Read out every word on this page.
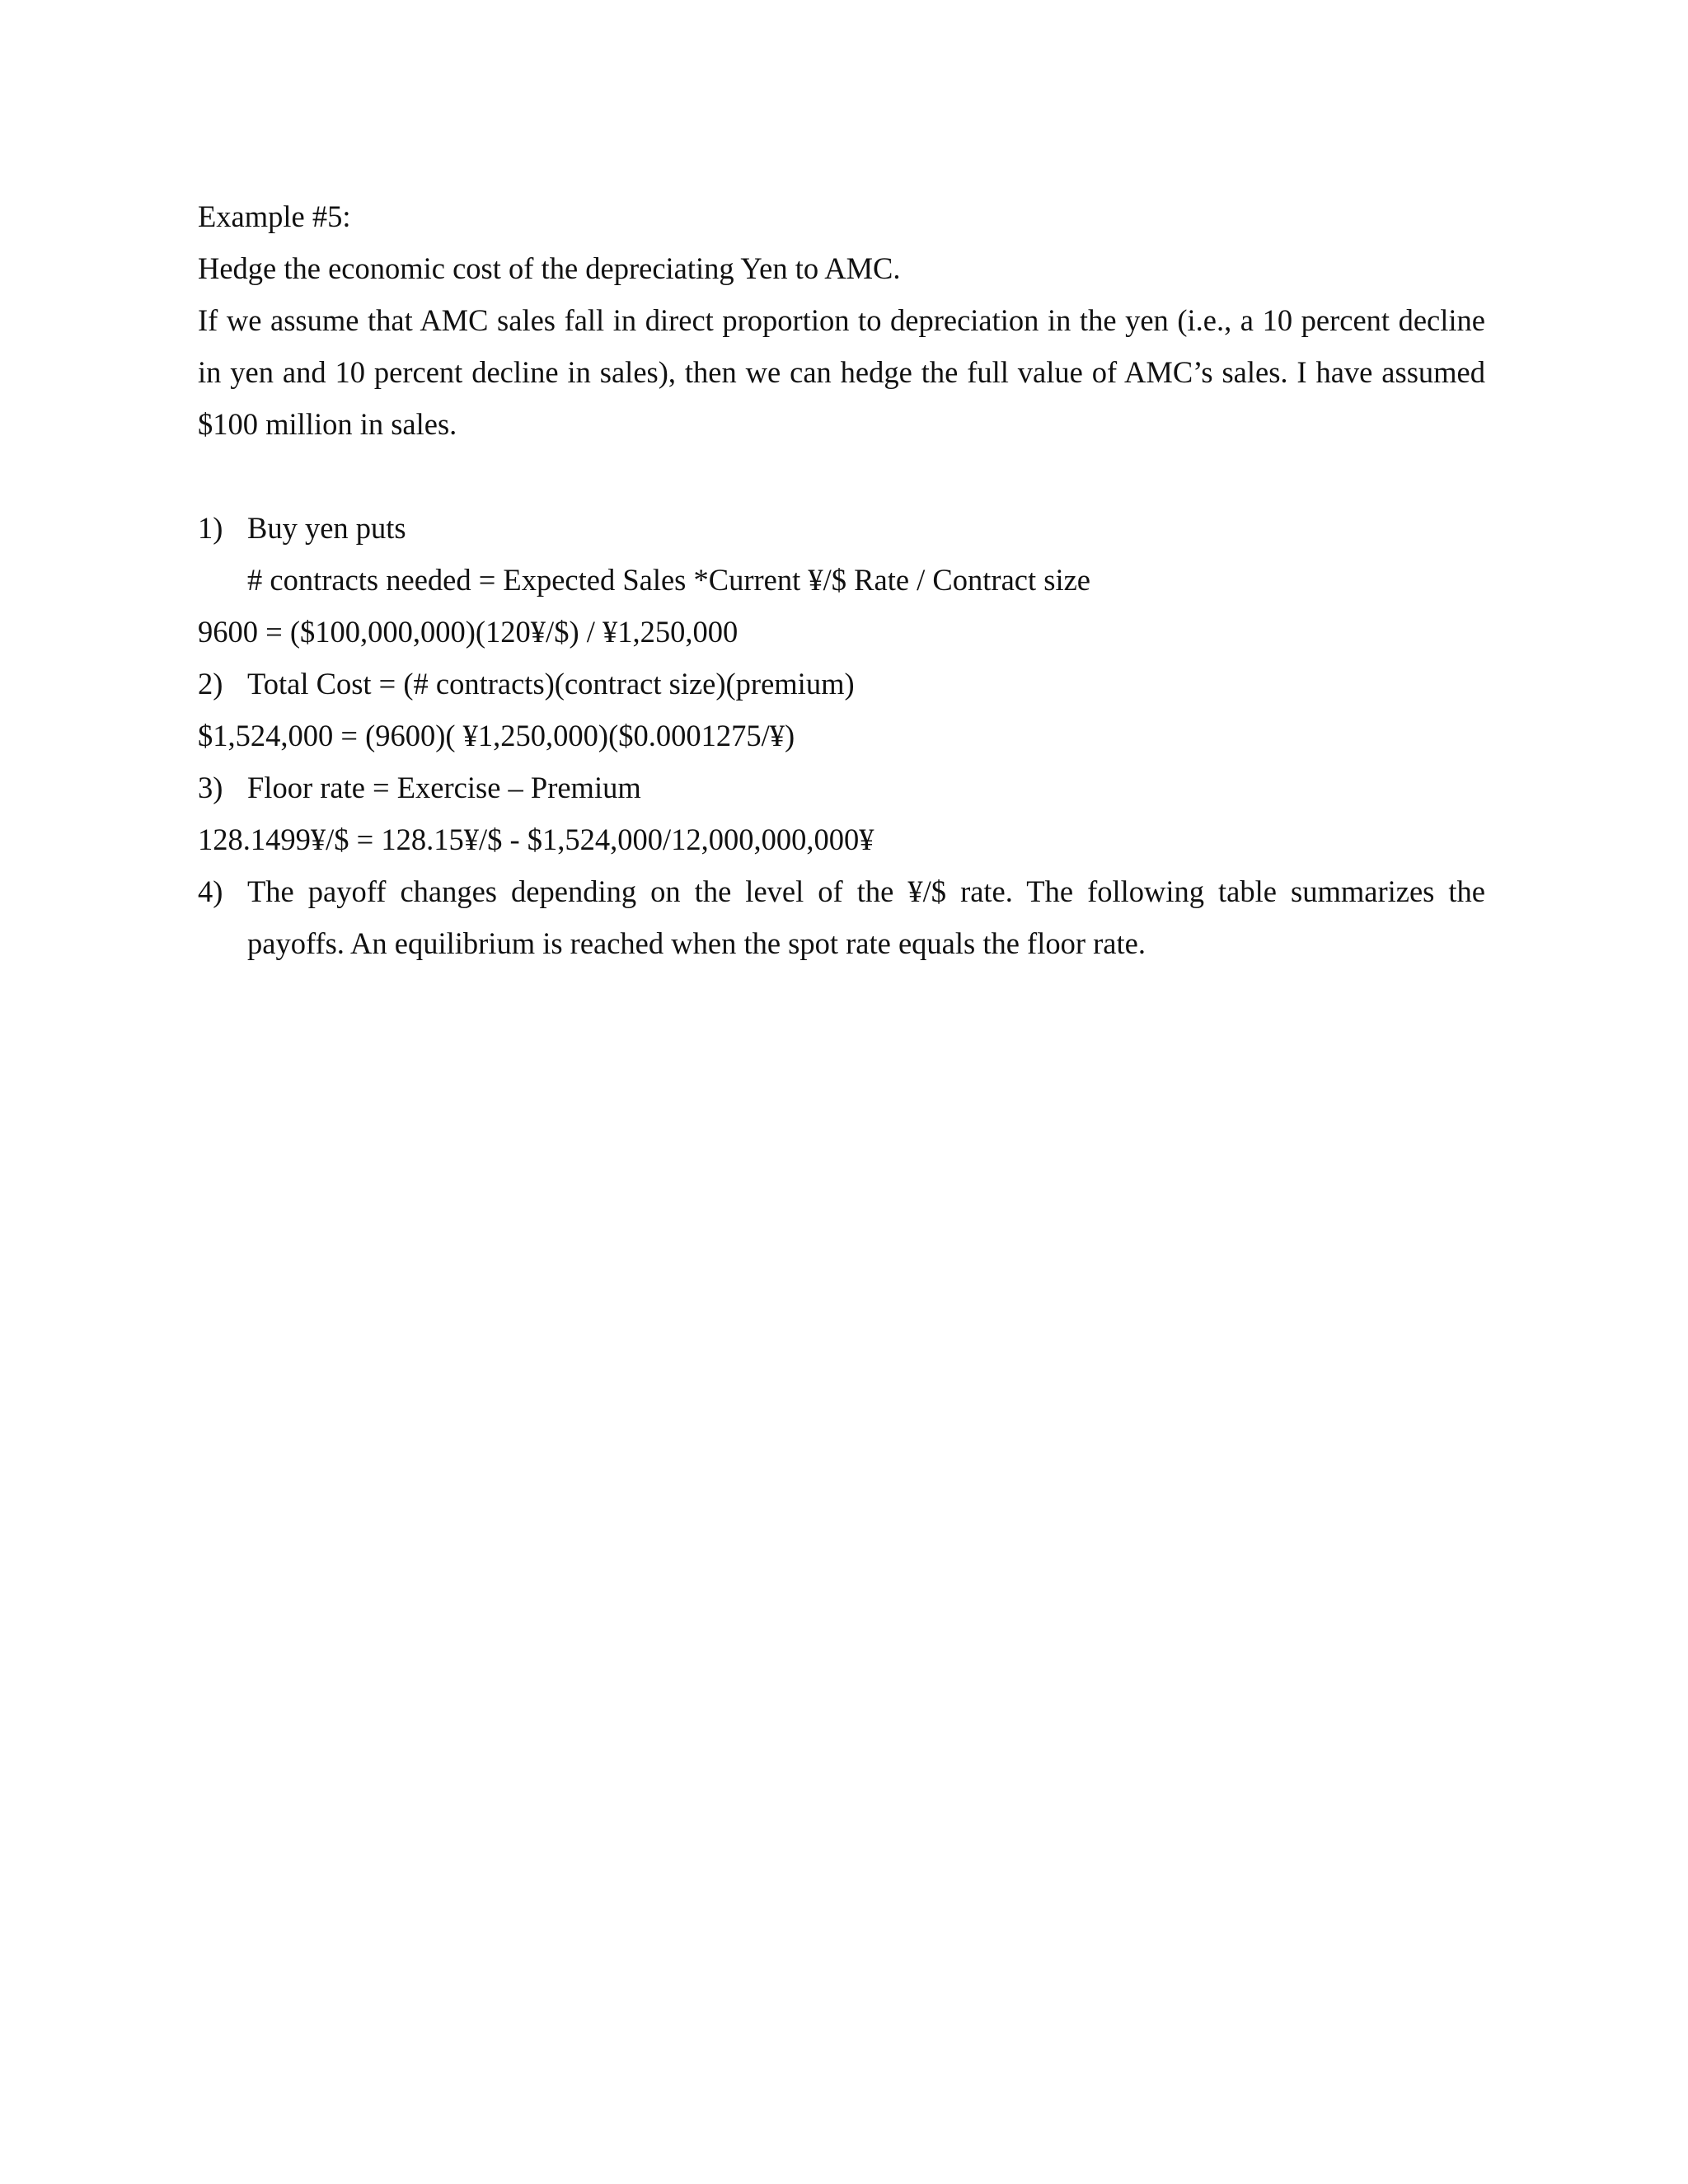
Example #5:
Hedge the economic cost of the depreciating Yen to AMC.
If we assume that AMC sales fall in direct proportion to depreciation in the yen (i.e., a 10 percent decline in yen and 10 percent decline in sales), then we can hedge the full value of AMC’s sales. I have assumed $100 million in sales.
1) Buy yen puts
# contracts needed = Expected Sales *Current ¥/$ Rate / Contract size
9600 = ($100,000,000)(120¥/$) / ¥1,250,000
2) Total Cost = (# contracts)(contract size)(premium)
$1,524,000 = (9600)( ¥1,250,000)($0.0001275/¥)
3) Floor rate = Exercise – Premium
128.1499¥/$ = 128.15¥/$ - $1,524,000/12,000,000,000¥
4) The payoff changes depending on the level of the ¥/$ rate. The following table summarizes the payoffs. An equilibrium is reached when the spot rate equals the floor rate.
